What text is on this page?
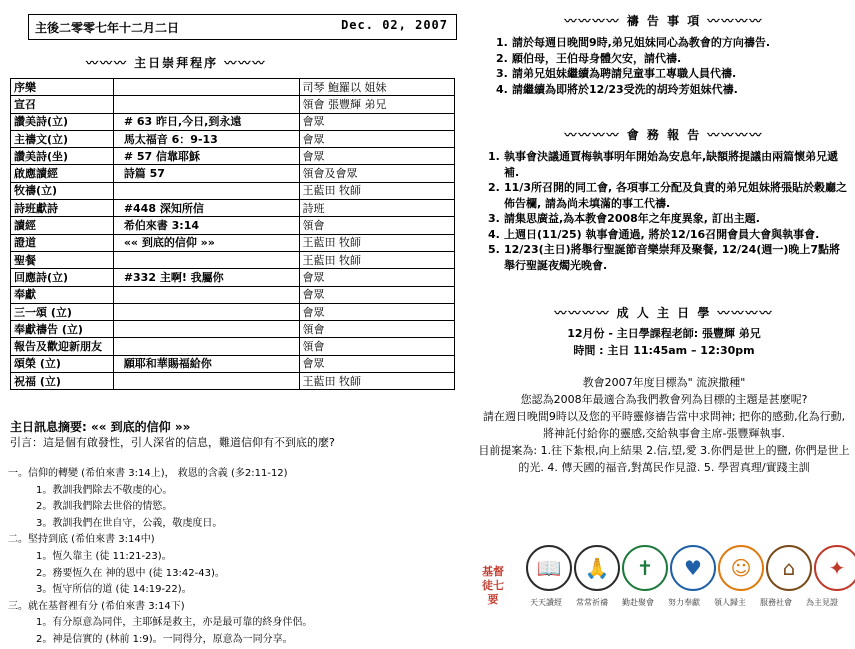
主後二零零七年十二月二日	Dec. 02, 2007
〰〰〰 主日崇拜程序 〰〰〰
序樂		司琴 鮑羅以 姐妹
宣召		領會 張豐輝 弟兄
讚美詩(立)	# 63 昨日,今日,到永遠	會眾
主禱文(立)	馬太福音 6：9-13	會眾
讚美詩(坐)	# 57 信靠耶穌	會眾
啟應讀經	詩篇 57	領會及會眾
牧禱(立)		王藍田 牧師
詩班獻詩	#448 深知所信	詩班
讀經	希伯來書 3:14	領會
證道	«« 到底的信仰 »»	王藍田 牧師
聖餐		王藍田 牧師
回應詩(立)	#332 主啊! 我屬你	會眾
奉獻		會眾
三一頌 (立)		會眾
奉獻禱告 (立)		領會
報告及歡迎新朋友		領會
頌榮 (立)	願耶和華賜福給你	會眾
祝福 (立)		王藍田 牧師
主日訊息摘要: «« 到底的信仰 »»
引言：這是個有啟發性，引人深省的信息，難道信仰有不到底的麼?
一。信仰的轉變 (希伯來書 3:14上)， 救恩的含義 (多2:11-12)
1。教訓我們除去不敬虔的心。
2。教訓我們除去世俗的情慾。
3。教訓我們在世自守，公義，敬虔度日。
二。堅持到底 (希伯來書 3:14中)
1。恆久靠主 (徒 11:21-23)。
2。務要恆久在 神的恩中 (徒 13:42-43)。
3。恆守所信的道 (徒 14:19-22)。
三。就在基督裡有分 (希伯來書 3:14下)
1。有分原意為同伴，主耶穌是救主，亦是最可靠的終身伴侶。
2。神是信實的 (林前 1:9)。一同得分，原意為一同分享。
〰〰〰〰 禱 告 事 項 〰〰〰〰
1. 請於每週日晚間9時,弟兄姐妹同心為教會的方向禱告.
2. 願伯母，王伯母身體欠安，請代禱.
3. 請弟兄姐妹繼續為聘請兒童事工專職人員代禱.
4. 請繼續為即將於12/23受洗的胡玲芳姐妹代禱.
〰〰〰〰 會 務 報 告 〰〰〰〰
1. 執事會決議通賈梅執事明年開始為安息年,缺額將提議由兩篇懷弟兄遞補.
2. 11/3所召開的同工會, 各項事工分配及負責的弟兄姐妹將張貼於穀廳之佈告欄, 請為尚未填滿的事工代禱.
3. 請集思廣益,為本教會2008年之年度異象, 訂出主題.
4. 上週日(11/25) 執事會通過, 將於12/16召開會員大會與執事會.
5. 12/23(主日)將舉行聖誕節音樂崇拜及聚餐, 12/24(週一)晚上7點將舉行聖誕夜燭光晚會.
〰〰〰〰 成 人 主 日 學 〰〰〰〰
12月份 - 主日學課程老師: 張豐輝 弟兄
時間 : 主日 11:45am – 12:30pm
教會2007年度目標為" 流淚撒種"
您認為2008年最適合為我們教會列為目標的主題是甚麼呢?
請在週日晚間9時以及您的平時靈修禱告當中求問神; 把你的感動,化為行動,將神託付給你的靈感,交給執事會主席-張豐輝執事.
目前提案為: 1.往下紮根,向上結果 2.信,望,愛 3.你們是世上的鹽, 你們是世上的光. 4. 傳天國的福音,對萬民作見證. 5. 學習真理/實踐主訓
基督徒七要
📖	🙏	✝	♥	☺	⌂	✦
天天讀經	常常祈禱	勤赴聚會	努力奉獻	領人歸主	服務社會	為主見證
